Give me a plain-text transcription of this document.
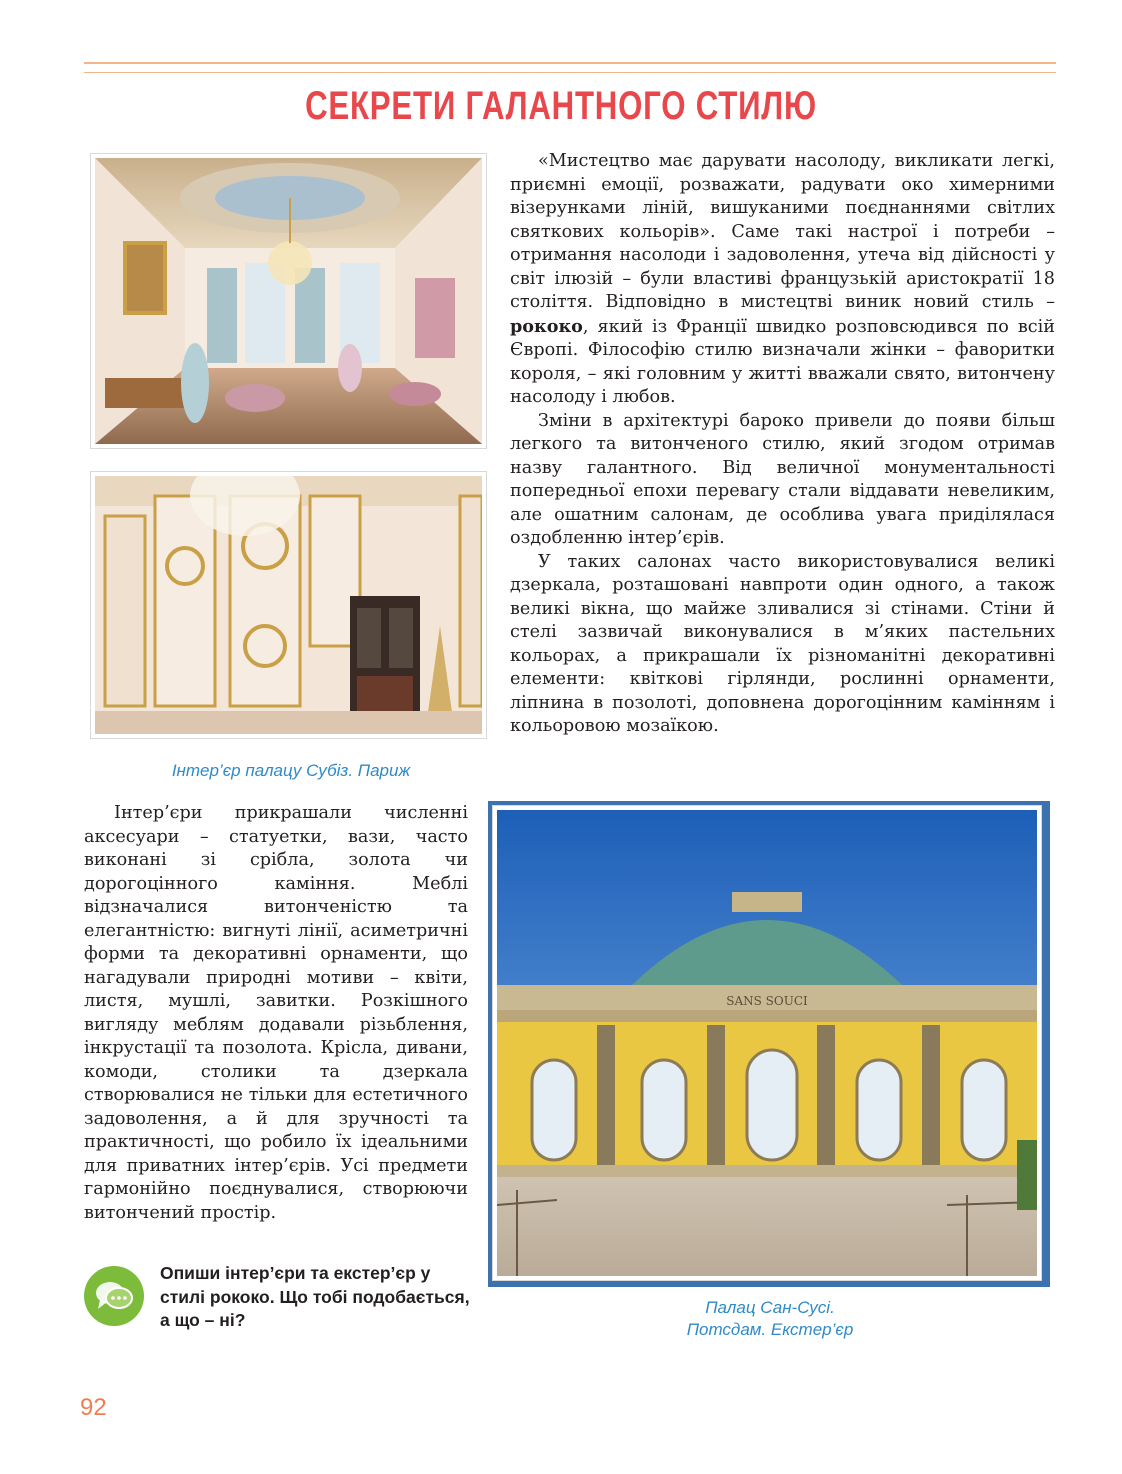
СЕКРЕТИ ГАЛАНТНОГО СТИЛЮ
Інтер’єр палацу Субіз. Париж

«Мистецтво має дарувати насолоду, викликати легкі, приємні емоції, розважати, радувати око химерними візерунками ліній, вишуканими поєднаннями світлих святкових кольорів». Саме такі настрої і потреби – отримання насолоди і задоволення, утеча від дійсності у світ ілюзій – були властиві французькій аристократії 18 століття. Відповідно в мистецтві виник новий стиль – рококо, який із Франції швидко розповсюдився по всій Європі. Філософію стилю визначали жінки – фаворитки короля, – які головним у житті вважали свято, витончену насолоду і любов.

Зміни в архітектурі бароко привели до появи більш легкого та витонченого стилю, який згодом отримав назву галантного. Від величної монументальності попередньої епохи перевагу стали віддавати невеликим, але ошатним салонам, де особлива увага приділялася оздобленню інтер’єрів.

У таких салонах часто використовувалися великі дзеркала, розташовані навпроти один одного, а також великі вікна, що майже зливалися зі стінами. Стіни й стелі зазвичай виконувалися в м’яких пастельних кольорах, а прикрашали їх різноманітні декоративні елементи: квіткові гірлянди, рослинні орнаменти, ліпнина в позолоті, доповнена дорогоцінним камінням і кольоровою мозаїкою.

SANS SOUCI
Палац Сан-Сусі.
Потсдам. Екстер’єр

Інтер’єри прикрашали численні аксесуари – статуетки, вази, часто виконані зі срібла, золота чи дорогоцінного каміння. Меблі відзначалися витонченістю та елегантністю: вигнуті лінії, асиметричні форми та декоративні орнаменти, що нагадували природні мотиви – квіти, листя, мушлі, завитки. Розкішного вигляду меблям додавали різьблення, інкрустації та позолота. Крісла, дивани, комоди, столики та дзеркала створювалися не тільки для естетичного задоволення, а й для зручності та практичності, що робило їх ідеальними для приватних інтер’єрів. Усі предмети гармонійно поєднувалися, створюючи витончений простір.

Опиши інтер’єри та екстер’єр у стилі рококо. Що тобі подобається, а що – ні?
92
